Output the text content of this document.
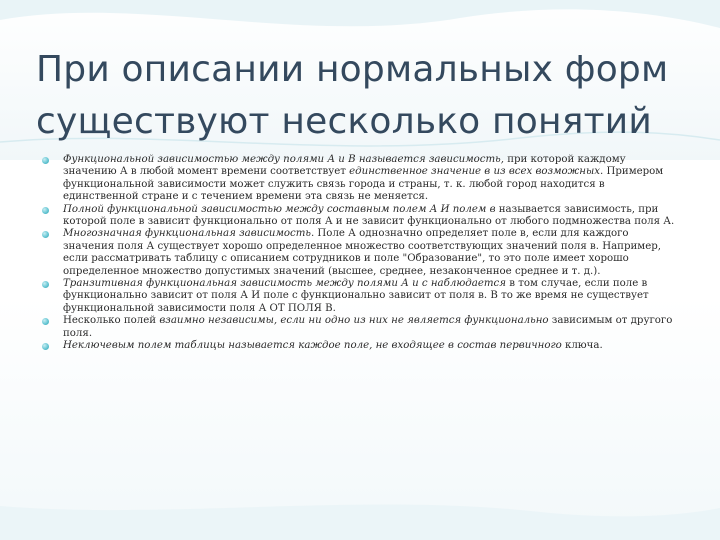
При описании нормальных форм существуют несколько понятий
Функциональной зависимостью между полями А и В называется зависимость, при которой каждому значению А в любой момент времени соответствует единственное значение в из всех возможных. Примером функциональной зависимости может служить связь города и страны, т. к. любой город находится в единственной стране и с течением времени эта связь не меняется.
Полной функциональной зависимостью между составным полем А И полем в называется зависимость, при которой поле в зависит функционально от поля А и не зависит функционально от любого подмножества поля А.
Многозначная функциональная зависимость. Поле А однозначно определяет поле в, если для каждого значения поля А существует хорошо определенное множество соответствующих значений поля в. Например, если рассматривать таблицу с описанием сотрудников и поле "Образование", то это поле имеет хорошо определенное множество допустимых значений (высшее, среднее, незаконченное среднее и т. д.).
Транзитивная функциональная зависимость между полями А и с наблюдается в том случае, если поле в функционально зависит от поля А И поле с функционально зависит от поля в. В то же время не существует функциональной зависимости поля А ОТ ПОЛЯ В.
Несколько полей взаимно независимы, если ни одно из них не является функционально зависимым от другого поля.
Неключевым полем таблицы называется каждое поле, не входящее в состав первичного ключа.
